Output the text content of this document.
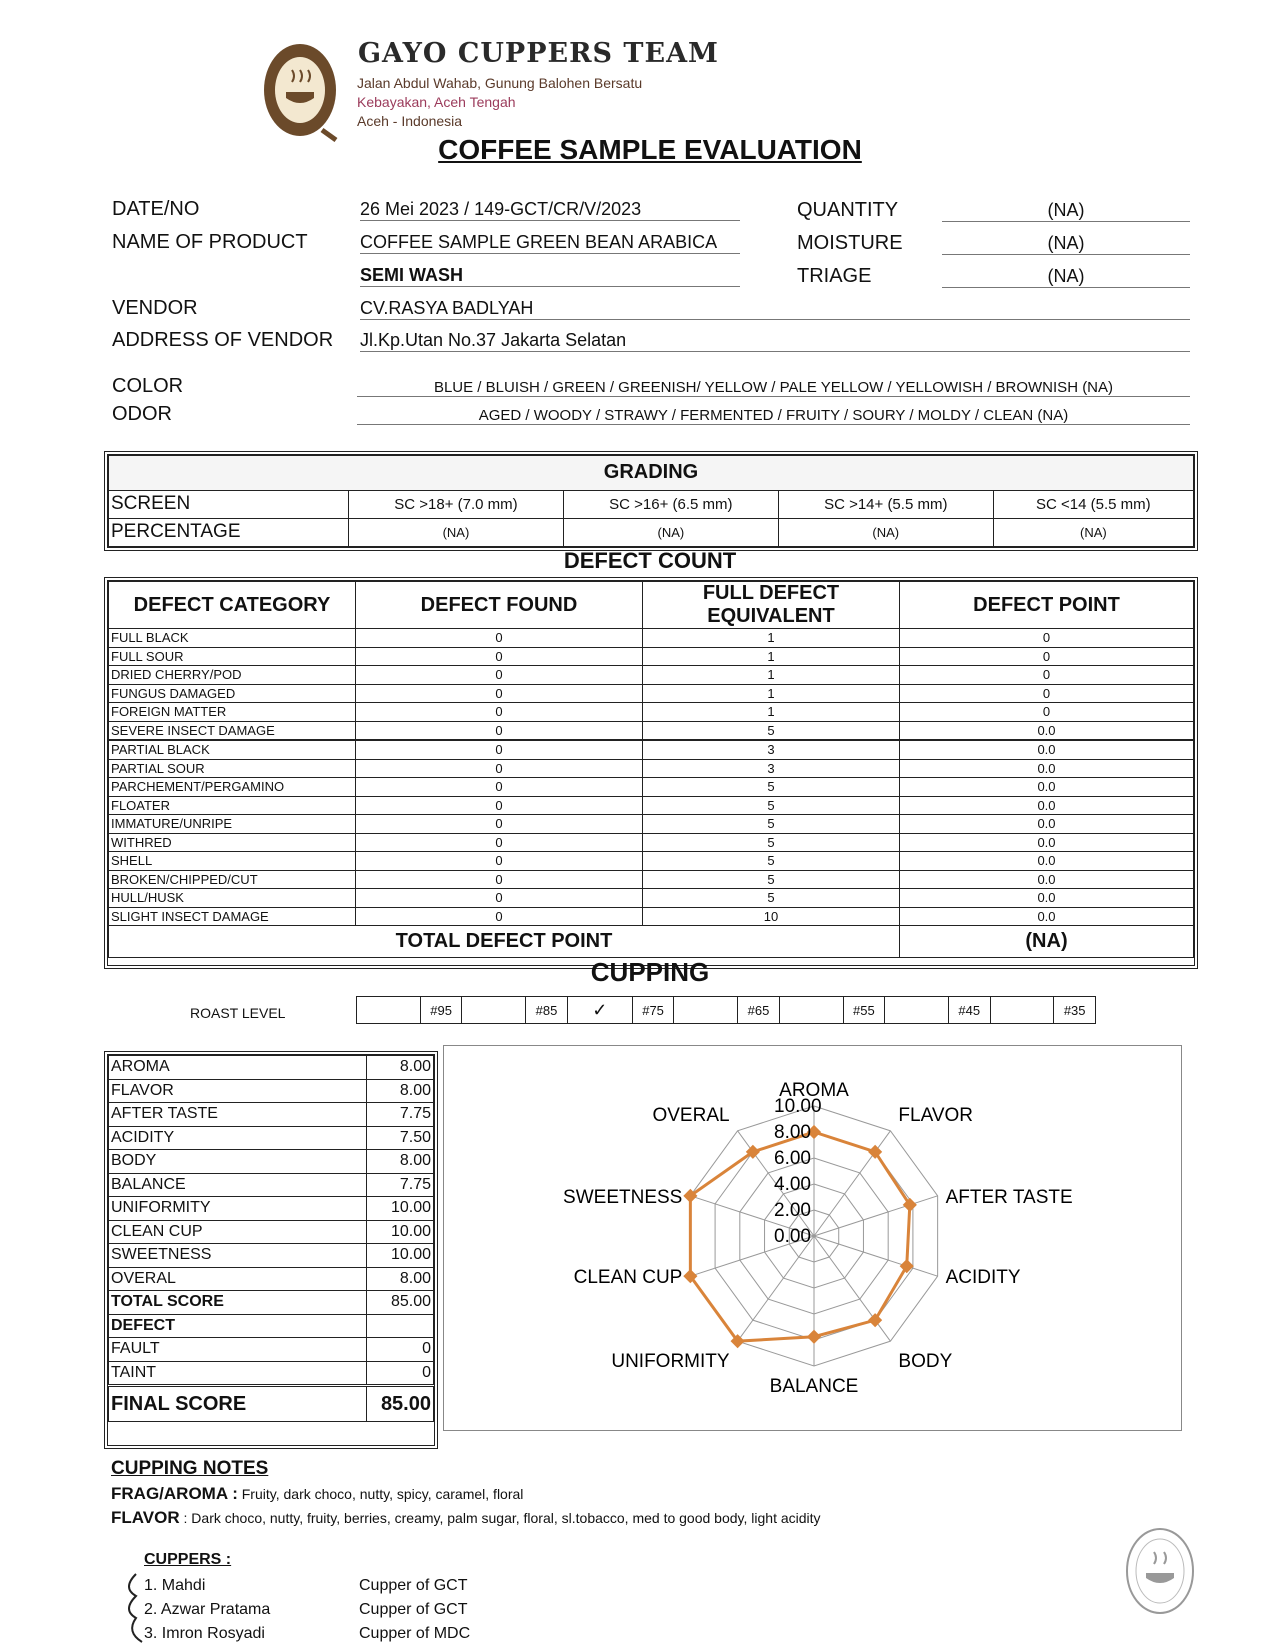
GAYO CUPPERS TEAM
Jalan Abdul Wahab, Gunung Balohen Bersatu
Kebayakan, Aceh Tengah
Aceh - Indonesia
COFFEE SAMPLE EVALUATION
DATE/NO	26 Mei 2023 / 149-GCT/CR/V/2023
NAME OF PRODUCT	COFFEE SAMPLE GREEN BEAN ARABICA
SEMI WASH
VENDOR	CV.RASYA BADLYAH
ADDRESS OF VENDOR Jl.Kp.Utan No.37 Jakarta Selatan
QUANTITY	(NA)
MOISTURE	(NA)
TRIAGE	(NA)
COLOR	BLUE / BLUISH / GREEN / GREENISH/ YELLOW / PALE YELLOW / YELLOWISH / BROWNISH (NA)
ODOR	AGED / WOODY / STRAWY / FERMENTED / FRUITY / SOURY / MOLDY / CLEAN (NA)
GRADING				
SCREEN	SC >18+ (7.0 mm)	SC >16+ (6.5 mm)	SC >14+ (5.5 mm)	SC <14 (5.5 mm)
PERCENTAGE	(NA)	(NA)	(NA)	(NA)
DEFECT COUNT
DEFECT CATEGORY	DEFECT FOUND	FULL DEFECT EQUIVALENT	DEFECT POINT
FULL BLACK	0	1	0
FULL SOUR	0	1	0
DRIED CHERRY/POD	0	1	0
FUNGUS DAMAGED	0	1	0
FOREIGN MATTER	0	1	0
SEVERE INSECT DAMAGE	0	5	0.0
PARTIAL BLACK	0	3	0.0
PARTIAL SOUR	0	3	0.0
PARCHEMENT/PERGAMINO	0	5	0.0
FLOATER	0	5	0.0
IMMATURE/UNRIPE	0	5	0.0
WITHRED	0	5	0.0
SHELL	0	5	0.0
BROKEN/CHIPPED/CUT	0	5	0.0
HULL/HUSK	0	5	0.0
SLIGHT INSECT DAMAGE	0	10	0.0
TOTAL DEFECT POINT			(NA)
CUPPING
ROAST LEVEL
		#95		#85	✓	#75		#65		#55		#45		#35
AROMA	8.00
FLAVOR	8.00
AFTER TASTE	7.75
ACIDITY	7.50
BODY	8.00
BALANCE	7.75
UNIFORMITY	10.00
CLEAN CUP	10.00
SWEETNESS	10.00
OVERAL	8.00
TOTAL SCORE	85.00
DEFECT	
FAULT	0
TAINT	0
FINAL SCORE	85.00
0.00
2.00
4.00
6.00
8.00
10.00
AROMA
FLAVOR
AFTER TASTE
ACIDITY
BODY
BALANCE
UNIFORMITY
CLEAN CUP
SWEETNESS
OVERAL
CUPPING NOTES
FRAG/AROMA : Fruity, dark choco, nutty, spicy, caramel, floral
FLAVOR : Dark choco, nutty, fruity, berries, creamy, palm sugar, floral, sl.tobacco, med to good body, light acidity
CUPPERS :
1. Mahdi	Cupper of GCT
2. Azwar Pratama	Cupper of GCT
3. Imron Rosyadi	Cupper of MDC
